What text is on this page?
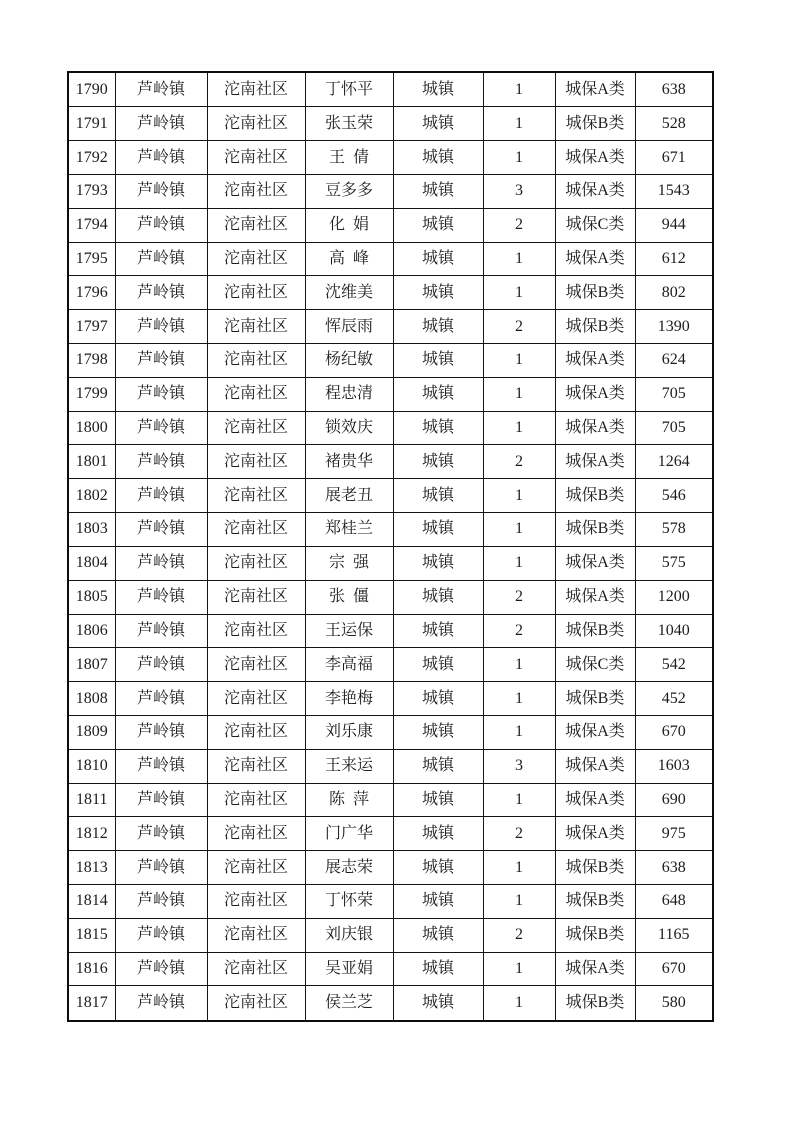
1790	芦岭镇	沱南社区	丁怀平	城镇	1	城保A类	638
1791	芦岭镇	沱南社区	张玉荣	城镇	1	城保B类	528
1792	芦岭镇	沱南社区	王 倩	城镇	1	城保A类	671
1793	芦岭镇	沱南社区	豆多多	城镇	3	城保A类	1543
1794	芦岭镇	沱南社区	化 娟	城镇	2	城保C类	944
1795	芦岭镇	沱南社区	高 峰	城镇	1	城保A类	612
1796	芦岭镇	沱南社区	沈维美	城镇	1	城保B类	802
1797	芦岭镇	沱南社区	恽辰雨	城镇	2	城保B类	1390
1798	芦岭镇	沱南社区	杨纪敏	城镇	1	城保A类	624
1799	芦岭镇	沱南社区	程忠清	城镇	1	城保A类	705
1800	芦岭镇	沱南社区	锁效庆	城镇	1	城保A类	705
1801	芦岭镇	沱南社区	褚贵华	城镇	2	城保A类	1264
1802	芦岭镇	沱南社区	展老丑	城镇	1	城保B类	546
1803	芦岭镇	沱南社区	郑桂兰	城镇	1	城保B类	578
1804	芦岭镇	沱南社区	宗 强	城镇	1	城保A类	575
1805	芦岭镇	沱南社区	张 僵	城镇	2	城保A类	1200
1806	芦岭镇	沱南社区	王运保	城镇	2	城保B类	1040
1807	芦岭镇	沱南社区	李高福	城镇	1	城保C类	542
1808	芦岭镇	沱南社区	李艳梅	城镇	1	城保B类	452
1809	芦岭镇	沱南社区	刘乐康	城镇	1	城保A类	670
1810	芦岭镇	沱南社区	王来运	城镇	3	城保A类	1603
1811	芦岭镇	沱南社区	陈 萍	城镇	1	城保A类	690
1812	芦岭镇	沱南社区	门广华	城镇	2	城保A类	975
1813	芦岭镇	沱南社区	展志荣	城镇	1	城保B类	638
1814	芦岭镇	沱南社区	丁怀荣	城镇	1	城保B类	648
1815	芦岭镇	沱南社区	刘庆银	城镇	2	城保B类	1165
1816	芦岭镇	沱南社区	吴亚娟	城镇	1	城保A类	670
1817	芦岭镇	沱南社区	侯兰芝	城镇	1	城保B类	580
